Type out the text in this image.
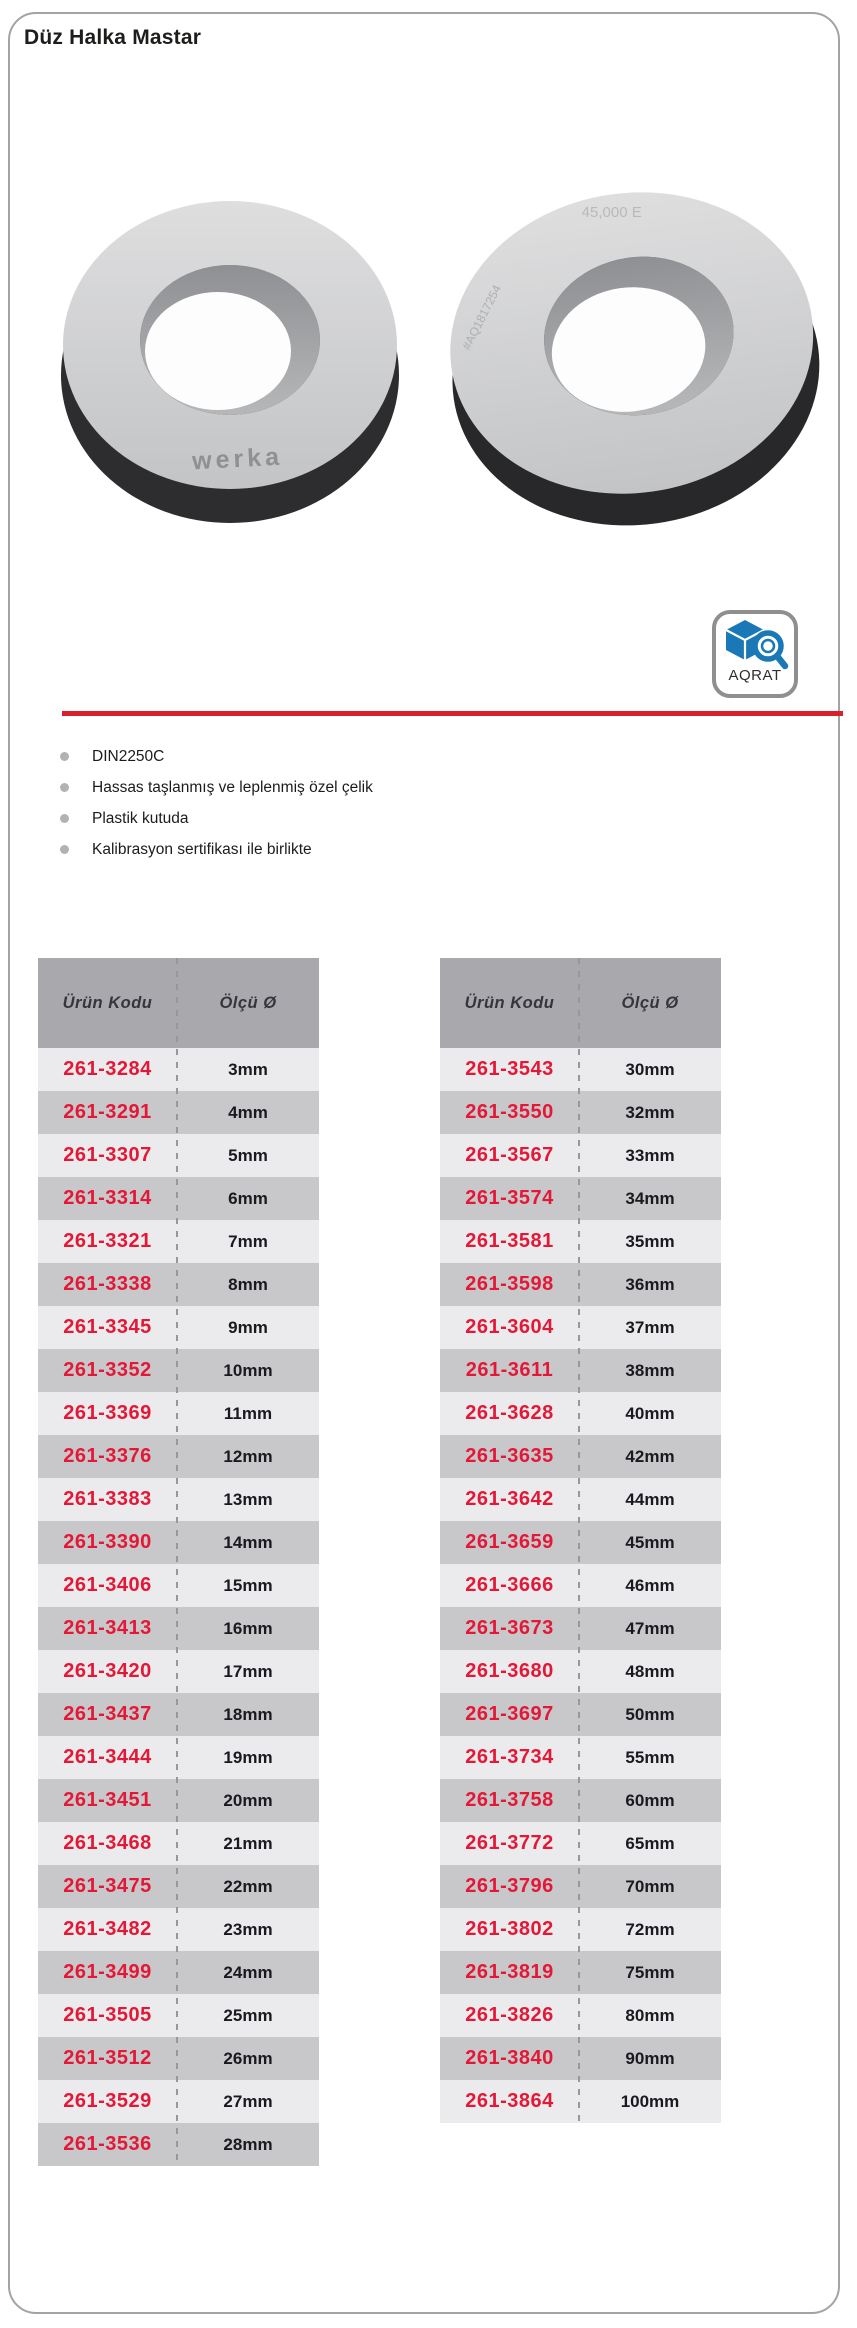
Düz Halka Mastar
werka
45,000 E
#AQ1817254
AQRAT
DIN2250C
Hassas taşlanmış ve leplenmiş özel çelik
Plastik kutuda
Kalibrasyon sertifikası ile birlikte
Ürün Kodu	Ölçü Ø
261-3284	3mm
261-3291	4mm
261-3307	5mm
261-3314	6mm
261-3321	7mm
261-3338	8mm
261-3345	9mm
261-3352	10mm
261-3369	11mm
261-3376	12mm
261-3383	13mm
261-3390	14mm
261-3406	15mm
261-3413	16mm
261-3420	17mm
261-3437	18mm
261-3444	19mm
261-3451	20mm
261-3468	21mm
261-3475	22mm
261-3482	23mm
261-3499	24mm
261-3505	25mm
261-3512	26mm
261-3529	27mm
261-3536	28mm
Ürün Kodu	Ölçü Ø
261-3543	30mm
261-3550	32mm
261-3567	33mm
261-3574	34mm
261-3581	35mm
261-3598	36mm
261-3604	37mm
261-3611	38mm
261-3628	40mm
261-3635	42mm
261-3642	44mm
261-3659	45mm
261-3666	46mm
261-3673	47mm
261-3680	48mm
261-3697	50mm
261-3734	55mm
261-3758	60mm
261-3772	65mm
261-3796	70mm
261-3802	72mm
261-3819	75mm
261-3826	80mm
261-3840	90mm
261-3864	100mm
